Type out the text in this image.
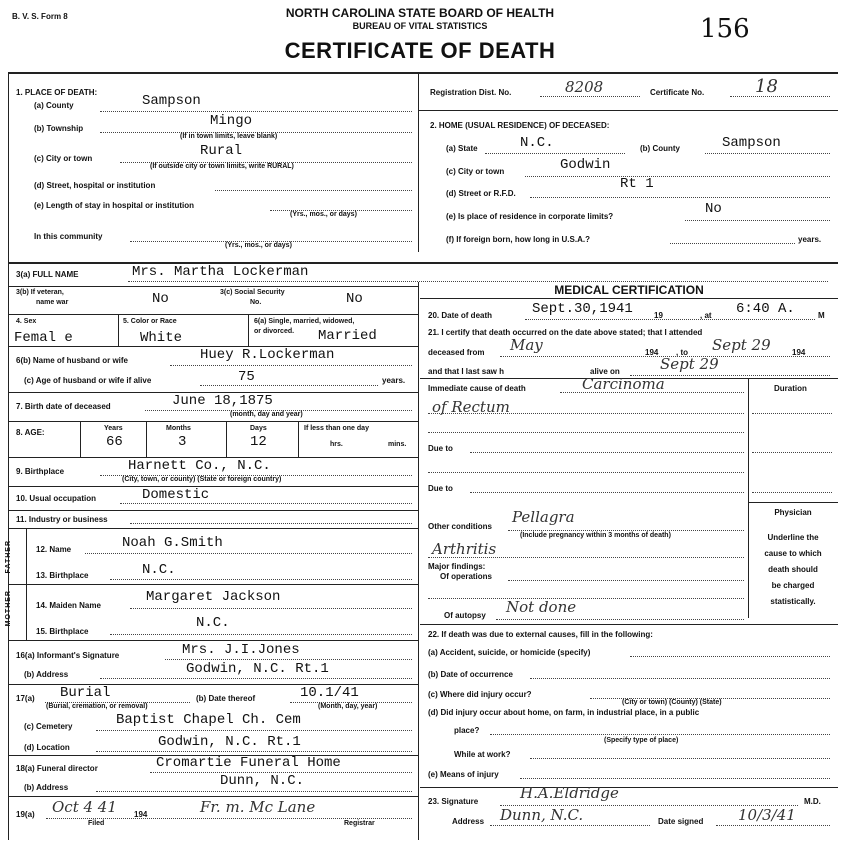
B. V. S. Form 8	NORTH CAROLINA STATE BOARD OF HEALTH
BUREAU OF VITAL STATISTICS
CERTIFICATE OF DEATH
156
1. PLACE OF DEATH:
(a) County	Sampson
(b) Township	Mingo
(If in town limits, leave blank)
(c) City or town	Rural
(If outside city or town limits, write RURAL)
(d) Street, hospital or institution
(e) Length of stay in hospital or institution
(Yrs., mos., or days)
In this community
(Yrs., mos., or days)
Registration Dist. No.	8208	Certificate No.	18
2. HOME (USUAL RESIDENCE) OF DECEASED:
(a) State	N.C.	(b) County	Sampson
(c) City or town	Godwin
(d) Street or R.F.D.
Rt 1
(e) Is place of residence in corporate limits?	No
(f) If foreign born, how long in U.S.A.?	years.
3(a) FULL NAME	Mrs. Martha Lockerman
3(b) If veteran,
name war	No	3(c) Social Security
No.	No
4. Sex
Femal e
5. Color or Race
White
6(a) Single, married, widowed,
or divorced. Married
6(b) Name of husband or wife	Huey R.Lockerman
(c) Age of husband or wife if alive	75	years.
7. Birth date of deceased	June 18,1875
(month, day and year)
8. AGE:	Years
66
Months
3
Days
12
If less than one day
hrs.	mins.
9. Birthplace	Harnett Co., N.C.
(City, town, or county) (State or foreign country)
10. Usual occupation	Domestic
11. Industry or business
FATHER	12. Name	Noah G.Smith
13. Birthplace	N.C.
MOTHER	14. Maiden Name
Margaret Jackson
15. Birthplace
N.C.
16(a) Informant's Signature	Mrs. J.I.Jones
(b) Address	Godwin, N.C. Rt.1
17(a) Burial
(Burial, cremation, or removal)
(b) Date thereof	10.1/41
(Month, day, year)
(c) Cemetery	Baptist Chapel Ch. Cem
(d) Location	Godwin, N.C. Rt.1
18(a) Funeral director	Cromartie Funeral Home
(b) Address	Dunn, N.C.
19(a) Oct 4 41 194	Fr. m. Mc Lane
Filed	Registrar
MEDICAL CERTIFICATION
20. Date of death	Sept.30,1941	19	, at 6:40 A.	M
21. I certify that death occurred on the date above stated; that I attended
deceased from May	194 , to Sept 29	194
and that I last saw h	alive on	Sept 29
Immediate cause of death	Carcinoma
of Rectum
Duration
Due to
Due to
Physician
Underline the
cause to which
death should
be charged
statistically.
Other conditions
Pellagra
(Include pregnancy within 3 months of death)
Arthritis
Major findings:
Of operations
Of autopsy Not done
22. If death was due to external causes, fill in the following:
(a) Accident, suicide, or homicide (specify)
(b) Date of occurrence
(c) Where did injury occur?
(City or town) (County) (State)
(d) Did injury occur about home, on farm, in industrial place, in a public
place?
(Specify type of place)
While at work?
(e) Means of injury
23. Signature	H.A.Eldridge	M.D.
Address Dunn, N.C.	Date signed 10/3/41
